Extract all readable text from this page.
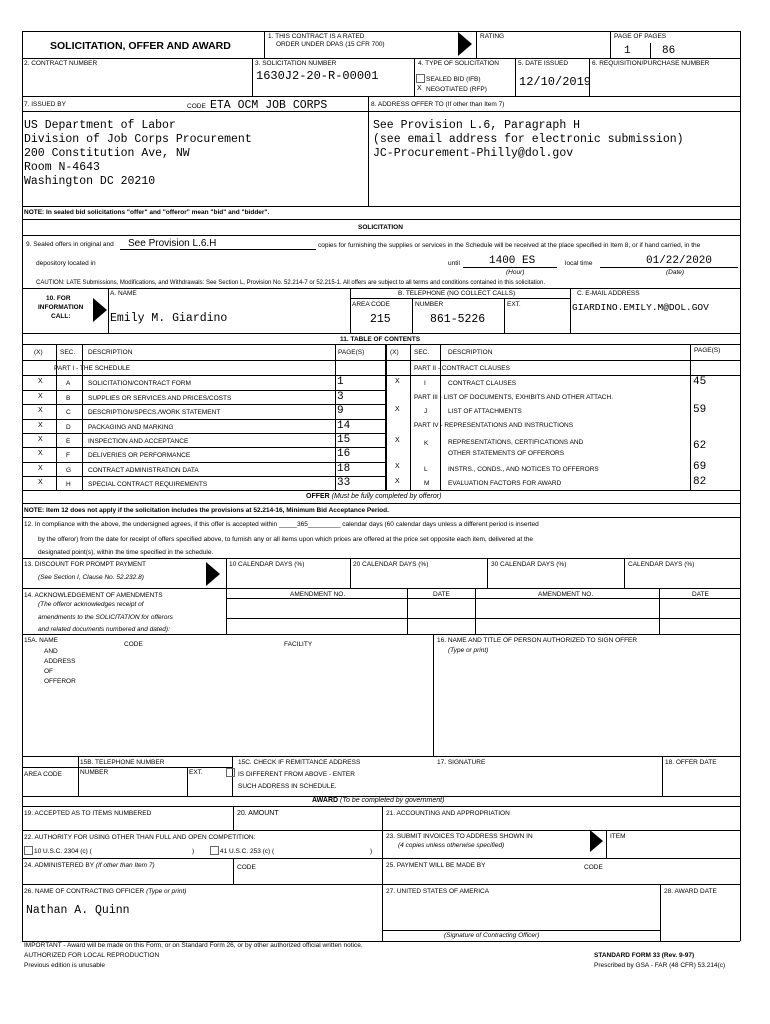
SOLICITATION, OFFER AND AWARD
1. THIS CONTRACT IS A RATED
ORDER UNDER DPAS (15 CFR 700)
RATING	PAGE OF PAGES
1	86
2. CONTRACT NUMBER	3. SOLICITATION NUMBER
1630J2-20-R-00001
4. TYPE OF SOLICITATION
SEALED BID (IFB)
X NEGOTIATED (RFP)
5. DATE ISSUED
12/10/2019
6. REQUISITION/PURCHASE NUMBER
7. ISSUED BY	CODE ETA OCM JOB CORPS	8. ADDRESS OFFER TO (If other than Item 7)
US Department of Labor
Division of Job Corps Procurement
200 Constitution Ave, NW
Room N-4643
Washington DC 20210
See Provision L.6, Paragraph H
(see email address for electronic submission)
JC-Procurement-Philly@dol.gov
NOTE: In sealed bid solicitations "offer" and "offeror" mean "bid" and "bidder".
SOLICITATION
9. Sealed offers in original and See Provision L.6.H	copies for furnishing the supplies or services in the Schedule will be received at the place specified in Item 8, or if hand carried, in the
depository located in	until	1400 ES	local time	01/22/2020
(Hour)	(Date)
CAUTION: LATE Submissions, Modifications, and Withdrawals: See Section L, Provision No. 52.214-7 or 52.215-1. All offers are subject to all terms and conditions contained in this solicitation.
10. FOR
INFORMATION
CALL:
A. NAME
Emily M. Giardino
B. TELEPHONE (NO COLLECT CALLS)
AREA CODE
215
NUMBER
861-5226
EXT.
C. E-MAIL ADDRESS
GIARDINO.EMILY.M@DOL.GOV
11. TABLE OF CONTENTS
(X)	SEC. DESCRIPTION	PAGE(S)	(X) SEC.	DESCRIPTION	PAGE(S)
PART I - THE SCHEDULE	PART II - CONTRACT CLAUSES
X	A	SOLICITATION/CONTRACT FORM	1
X	B	SUPPLIES OR SERVICES AND PRICES/COSTS	3
X	C	DESCRIPTION/SPECS./WORK STATEMENT	9
X	D	PACKAGING AND MARKING	14
X	E	INSPECTION AND ACCEPTANCE	15
X	F	DELIVERIES OR PERFORMANCE	16
X	G	CONTRACT ADMINISTRATION DATA	18
X	H	SPECIAL CONTRACT REQUIREMENTS	33
X	I	CONTRACT CLAUSES	45
PART III - LIST OF DOCUMENTS, EXHIBITS AND OTHER ATTACH.
X	J	LIST OF ATTACHMENTS	59
PART IV - REPRESENTATIONS AND INSTRUCTIONS
X	K	REPRESENTATIONS, CERTIFICATIONS AND
OTHER STATEMENTS OF OFFERORS
62
X	L	INSTRS., CONDS., AND NOTICES TO OFFERORS	69
X	M	EVALUATION FACTORS FOR AWARD	82
OFFER (Must be fully completed by offeror)
NOTE: Item 12 does not apply if the solicitation includes the provisions at 52.214-16, Minimum Bid Acceptance Period.
12. In compliance with the above, the undersigned agrees, if this offer is accepted within _____365_________ calendar days (60 calendar days unless a different period is inserted
by the offeror) from the date for receipt of offers specified above, to furnish any or all items upon which prices are offered at the price set opposite each item, delivered at the
designated point(s), within the time specified in the schedule.
13. DISCOUNT FOR PROMPT PAYMENT
(See Section I, Clause No. 52.232.8)
10 CALENDAR DAYS (%)	20 CALENDAR DAYS (%)	30 CALENDAR DAYS (%)	CALENDAR DAYS (%)
14. ACKNOWLEDGEMENT OF AMENDMENTS
(The offeror acknowledges receipt of
amendments to the SOLICITATION for offerors
and related documents numbered and dated):
AMENDMENT NO.	DATE	AMENDMENT NO.	DATE
15A. NAME
AND
ADDRESS
OF
OFFEROR
CODE	FACILITY
16. NAME AND TITLE OF PERSON AUTHORIZED TO SIGN OFFER
(Type or print)
15B. TELEPHONE NUMBER
AREA CODE	NUMBER	EXT.
15C. CHECK IF REMITTANCE ADDRESS
IS DIFFERENT FROM ABOVE - ENTER
SUCH ADDRESS IN SCHEDULE.
17. SIGNATURE	18. OFFER DATE
AWARD (To be completed by government)
19. ACCEPTED AS TO ITEMS NUMBERED	20. AMOUNT	21. ACCOUNTING AND APPROPRIATION
22. AUTHORITY FOR USING OTHER THAN FULL AND OPEN COMPETITION:
10 U.S.C. 2304 (c) (	)	41 U.S.C. 253 (c) (	)
23. SUBMIT INVOICES TO ADDRESS SHOWN IN
(4 copies unless otherwise specified)
ITEM
24. ADMINISTERED BY (If other than Item 7)	CODE	25. PAYMENT WILL BE MADE BY	CODE
26. NAME OF CONTRACTING OFFICER (Type or print)
Nathan A. Quinn
27. UNITED STATES OF AMERICA
(Signature of Contracting Officer)
28. AWARD DATE
IMPORTANT - Award will be made on this Form, or on Standard Form 26, or by other authorized official written notice.
AUTHORIZED FOR LOCAL REPRODUCTION
Previous edition is unusable
STANDARD FORM 33 (Rev. 9-97)
Prescribed by GSA - FAR (48 CFR) 53.214(c)
